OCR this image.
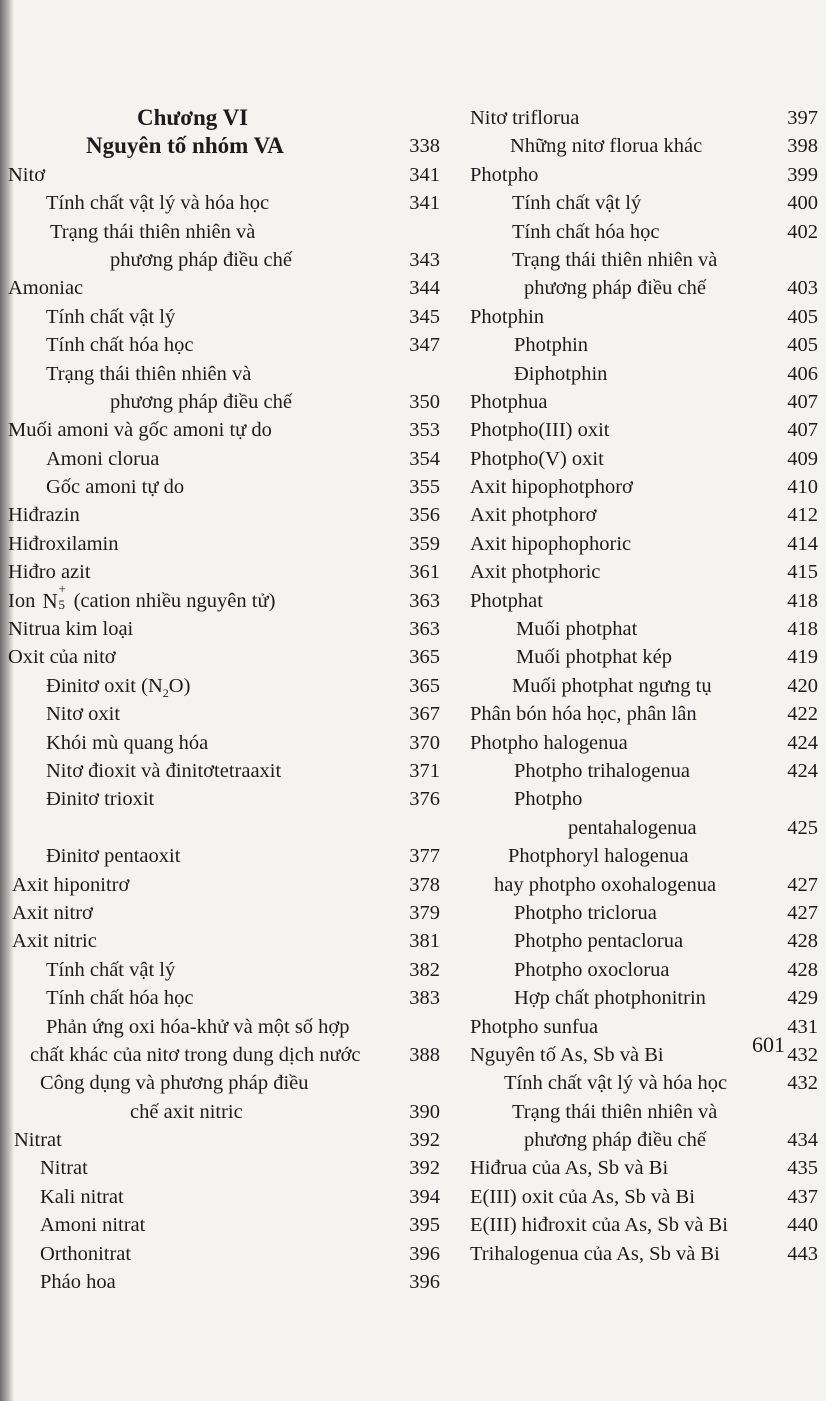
Chương VI
Nguyên tố nhóm VA	338
Nitơ	341
Tính chất vật lý và hóa học	341
Trạng thái thiên nhiên và
phương pháp điều chế	343
Amoniac	344
Tính chất vật lý	345
Tính chất hóa học	347
Trạng thái thiên nhiên và
phương pháp điều chế	350
Muối amoni và gốc amoni tự do	353
Amoni clorua	354
Gốc amoni tự do	355
Hiđrazin	356
Hiđroxilamin	359
Hiđro azit	361
Ion N
+
5 (cation nhiều nguyên tử)	363
Nitrua kim loại	363
Oxit của nitơ	365
Đinitơ oxit $(N_2O)$	365
Nitơ oxit	367
Khói mù quang hóa	370
Nitơ đioxit và đinitơtetraaxit	371
Đinitơ trioxit	376
Đinitơ pentaoxit	377
Axit hiponitrơ	378
Axit nitrơ	379
Axit nitric	381
Tính chất vật lý	382
Tính chất hóa học	383
Phản ứng oxi hóa-khử và một số hợp
chất khác của nitơ trong dung dịch nước 388
Công dụng và phương pháp điều
chế axit nitric	390
Nitrat	392
Nitrat	392
Kali nitrat	394
Amoni nitrat	395
Orthonitrat	396
Pháo hoa	396
Nitơ triflorua	397
Những nitơ florua khác	398
Photpho	399
Tính chất vật lý	400
Tính chất hóa học	402
Trạng thái thiên nhiên và
phương pháp điều chế	403
Photphin	405
Photphin	405
Điphotphin	406
Photphua	407
Photpho(III) oxit	407
Photpho(V) oxit	409
Axit hipophotphorơ	410
Axit photphorơ	412
Axit hipophophoric	414
Axit photphoric	415
Photphat	418
Muối photphat	418
Muối photphat kép	419
Muối photphat ngưng tụ	420
Phân bón hóa học, phân lân	422
Photpho halogenua	424
Photpho trihalogenua	424
Photpho
pentahalogenua	425
Photphoryl halogenua
hay photpho oxohalogenua	427
Photpho triclorua	427
Photpho pentaclorua	428
Photpho oxoclorua	428
Hợp chất photphonitrin	429
Photpho sunfua	431
Nguyên tố As, Sb và Bi	432
Tính chất vật lý và hóa học	432
Trạng thái thiên nhiên và
phương pháp điều chế	434
Hiđrua của As, Sb và Bi	435
E(III) oxit của As, Sb và Bi	437
E(III) hiđroxit của As, Sb và Bi	440
Trihalogenua của As, Sb và Bi	443
601
